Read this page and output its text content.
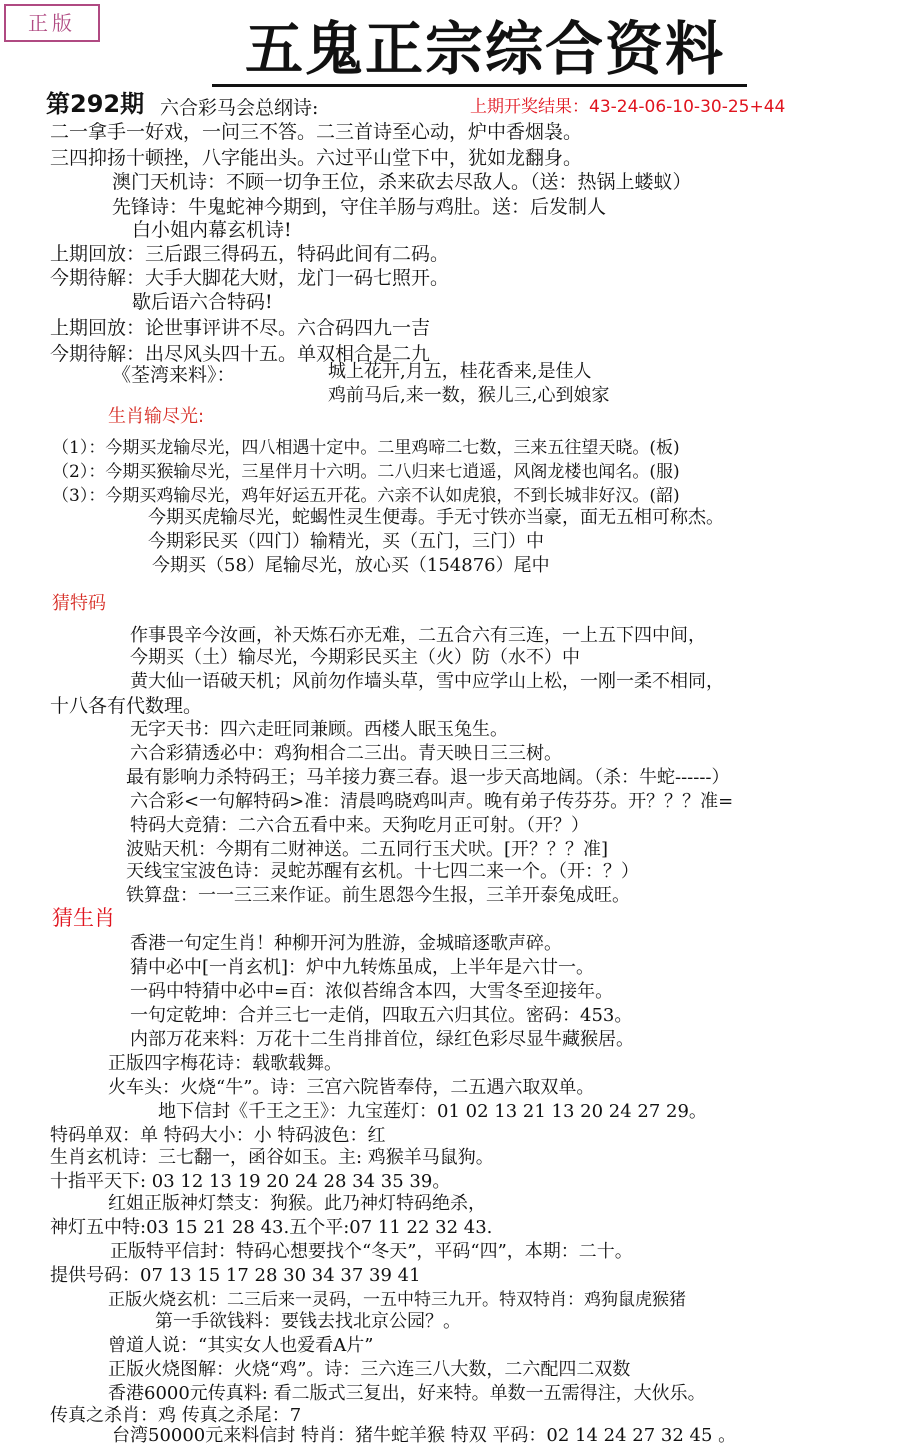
正版	五鬼正宗综合资料
第292期	上期开奖结果：43-24-06-10-30-25+44
六合彩马会总纲诗:
二一拿手一好戏，一问三不答。二三首诗至心动，炉中香烟袅。
三四抑扬十顿挫，八字能出头。六过平山堂下中，犹如龙翻身。
澳门天机诗：不顾一切争王位，杀来砍去尽敌人。（送：热锅上蝼蚁）
先锋诗：牛鬼蛇神今期到，守住羊肠与鸡肚。送：后发制人
白小姐内幕玄机诗!
上期回放：三后跟三得码五，特码此间有二码。
今期待解：大手大脚花大财，龙门一码七照开。
歇后语六合特码!
上期回放：论世事评讲不尽。六合码四九一吉
今期待解：出尽风头四十五。单双相合是二九
《荃湾来料》：	城上花开,月五，桂花香来,是佳人
鸡前马后,来一数，猴儿三,心到娘家
生肖输尽光:
（1）：今期买龙输尽光，四八相遇十定中。二里鸡啼二七数，三来五往望天晓。(板)
（2）：今期买猴输尽光，三星伴月十六明。二八归来七逍遥，风阁龙楼也闻名。(服)
（3）：今期买鸡输尽光，鸡年好运五开花。六亲不认如虎狼，不到长城非好汉。(韶)
今期买虎输尽光，蛇蝎性灵生便毒。手无寸铁亦当豪，面无五相可称杰。
今期彩民买（四门）输精光，买（五门，三门）中
今期买（58）尾输尽光，放心买（154876）尾中
猜特码
作事畏辛今汝画，补天炼石亦无难，二五合六有三连，一上五下四中间，
今期买（土）输尽光，今期彩民买主（火）防（水不）中
黄大仙一语破天机；风前勿作墙头草，雪中应学山上松，一刚一柔不相同，
十八各有代数理。
无字天书：四六走旺同兼顾。西楼人眠玉兔生。
六合彩猜透必中：鸡狗相合二三出。青天映日三三树。
最有影响力杀特码王；马羊接力赛三春。退一步天高地阔。（杀：牛蛇------）
六合彩<一句解特码>准：清晨鸣晓鸡叫声。晚有弟子传芬芬。开？？？准=
特码大竞猜：二六合五看中来。天狗吃月正可射。（开？）
波贴天机：今期有二财神送。二五同行玉犬吠。[开？？？准]
天线宝宝波色诗：灵蛇苏醒有玄机。十七四二来一个。（开：？）
铁算盘：一一三三来作证。前生恩怨今生报，三羊开泰兔成旺。
猜生肖
香港一句定生肖！种柳开河为胜游，金城暗逐歌声碎。
猜中必中[一肖玄机]：炉中九转炼虽成，上半年是六廿一。
一码中特猜中必中=百：浓似苔绵含本四，大雪冬至迎接年。
一句定乾坤：合并三七一走俏，四取五六归其位。密码：453。
内部万花来料：万花十二生肖排首位，绿红色彩尽显牛藏猴居。
正版四字梅花诗：载歌载舞。
火车头：火烧“牛”。诗：三宫六院皆奉侍，二五遇六取双单。
地下信封《千王之王》：九宝莲灯：01 02 13 21 13 20 24 27 29。
特码单双：单 特码大小：小 特码波色：红
生肖玄机诗：三七翻一，函谷如玉。主: 鸡猴羊马鼠狗。
十指平天下: 03 12 13 19 20 24 28 34 35 39。
红姐正版神灯禁支：狗猴。此乃神灯特码绝杀，
神灯五中特:03 15 21 28 43.五个平:07 11 22 32 43.
正版特平信封：特码心想要找个“冬天”，平码“四”，本期：二十。
提供号码：07 13 15 17 28 30 34 37 39 41
正版火烧玄机：二三后来一灵码，一五中特三九开。特双特肖：鸡狗鼠虎猴猪
第一手欲钱料：要钱去找北京公园？。
曾道人说：“其实女人也爱看A片”
正版火烧图解：火烧“鸡”。诗：三六连三八大数，二六配四二双数
香港6000元传真料: 看二版式三复出，好来特。单数一五需得注，大伙乐。
传真之杀肖：鸡 传真之杀尾：7
台湾50000元来料信封 特肖：猪牛蛇羊猴 特双 平码：02 14 24 27 32 45 。
